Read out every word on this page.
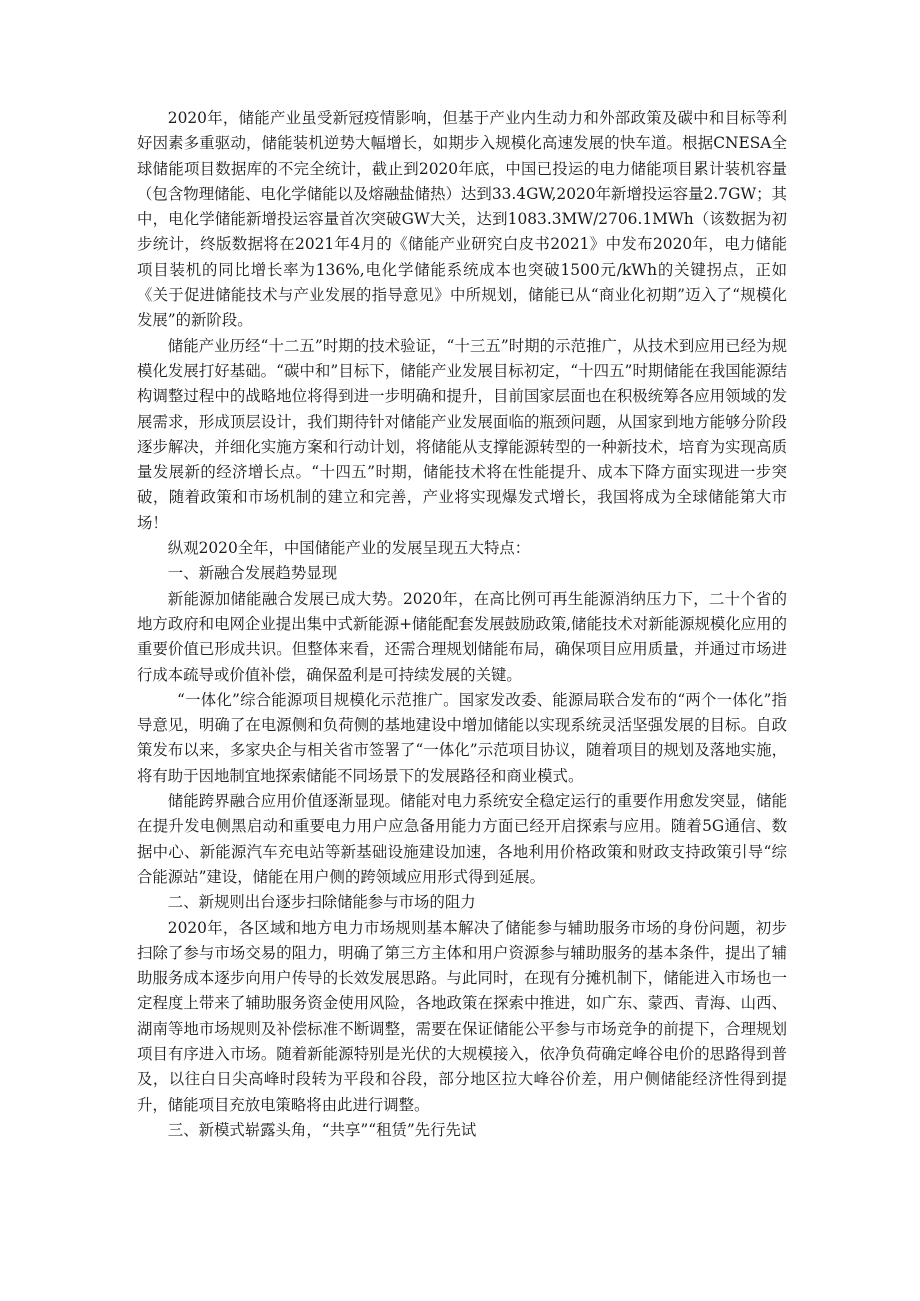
2020年，储能产业虽受新冠疫情影响，但基于产业内生动力和外部政策及碳中和目标等利好因素多重驱动，储能装机逆势大幅增长，如期步入规模化高速发展的快车道。根据CNESA全球储能项目数据库的不完全统计，截止到2020年底，中国已投运的电力储能项目累计装机容量（包含物理储能、电化学储能以及熔融盐储热）达到33.4GW,2020年新增投运容量2.7GW；其中，电化学储能新增投运容量首次突破GW大关，达到1083.3MW/2706.1MWh（该数据为初步统计，终版数据将在2021年4月的《储能产业研究白皮书2021》中发布2020年，电力储能项目装机的同比增长率为136%,电化学储能系统成本也突破1500元/kWh的关键拐点，正如《关于促进储能技术与产业发展的指导意见》中所规划，储能已从“商业化初期”迈入了“规模化发展”的新阶段。

储能产业历经“十二五”时期的技术验证，“十三五”时期的示范推广，从技术到应用已经为规模化发展打好基础。“碳中和”目标下，储能产业发展目标初定，“十四五”时期储能在我国能源结构调整过程中的战略地位将得到进一步明确和提升，目前国家层面也在积极统筹各应用领域的发展需求，形成顶层设计，我们期待针对储能产业发展面临的瓶颈问题，从国家到地方能够分阶段逐步解决，并细化实施方案和行动计划，将储能从支撑能源转型的一种新技术，培育为实现高质量发展新的经济增长点。“十四五”时期，储能技术将在性能提升、成本下降方面实现进一步突破，随着政策和市场机制的建立和完善，产业将实现爆发式增长，我国将成为全球储能第大市场！

纵观2020全年，中国储能产业的发展呈现五大特点：

一、新融合发展趋势显现

新能源加储能融合发展已成大势。2020年，在高比例可再生能源消纳压力下，二十个省的地方政府和电网企业提出集中式新能源+储能配套发展鼓励政策,储能技术对新能源规模化应用的重要价值已形成共识。但整体来看，还需合理规划储能布局，确保项目应用质量，并通过市场进行成本疏导或价值补偿，确保盈利是可持续发展的关键。

“一体化”综合能源项目规模化示范推广。国家发改委、能源局联合发布的“两个一体化”指导意见，明确了在电源侧和负荷侧的基地建设中增加储能以实现系统灵活坚强发展的目标。自政策发布以来，多家央企与相关省市签署了“一体化”示范项目协议，随着项目的规划及落地实施，将有助于因地制宜地探索储能不同场景下的发展路径和商业模式。

储能跨界融合应用价值逐渐显现。储能对电力系统安全稳定运行的重要作用愈发突显，储能在提升发电侧黑启动和重要电力用户应急备用能力方面已经开启探索与应用。随着5G通信、数据中心、新能源汽车充电站等新基础设施建设加速，各地利用价格政策和财政支持政策引导“综合能源站”建设，储能在用户侧的跨领域应用形式得到延展。

二、新规则出台逐步扫除储能参与市场的阻力

2020年，各区域和地方电力市场规则基本解决了储能参与辅助服务市场的身份问题，初步扫除了参与市场交易的阻力，明确了第三方主体和用户资源参与辅助服务的基本条件，提出了辅助服务成本逐步向用户传导的长效发展思路。与此同时，在现有分摊机制下，储能进入市场也一定程度上带来了辅助服务资金使用风险，各地政策在探索中推进，如广东、蒙西、青海、山西、湖南等地市场规则及补偿标准不断调整，需要在保证储能公平参与市场竞争的前提下，合理规划项目有序进入市场。随着新能源特别是光伏的大规模接入，依净负荷确定峰谷电价的思路得到普及，以往白日尖高峰时段转为平段和谷段，部分地区拉大峰谷价差，用户侧储能经济性得到提升，储能项目充放电策略将由此进行调整。

三、新模式崭露头角，“共享”“租赁”先行先试
